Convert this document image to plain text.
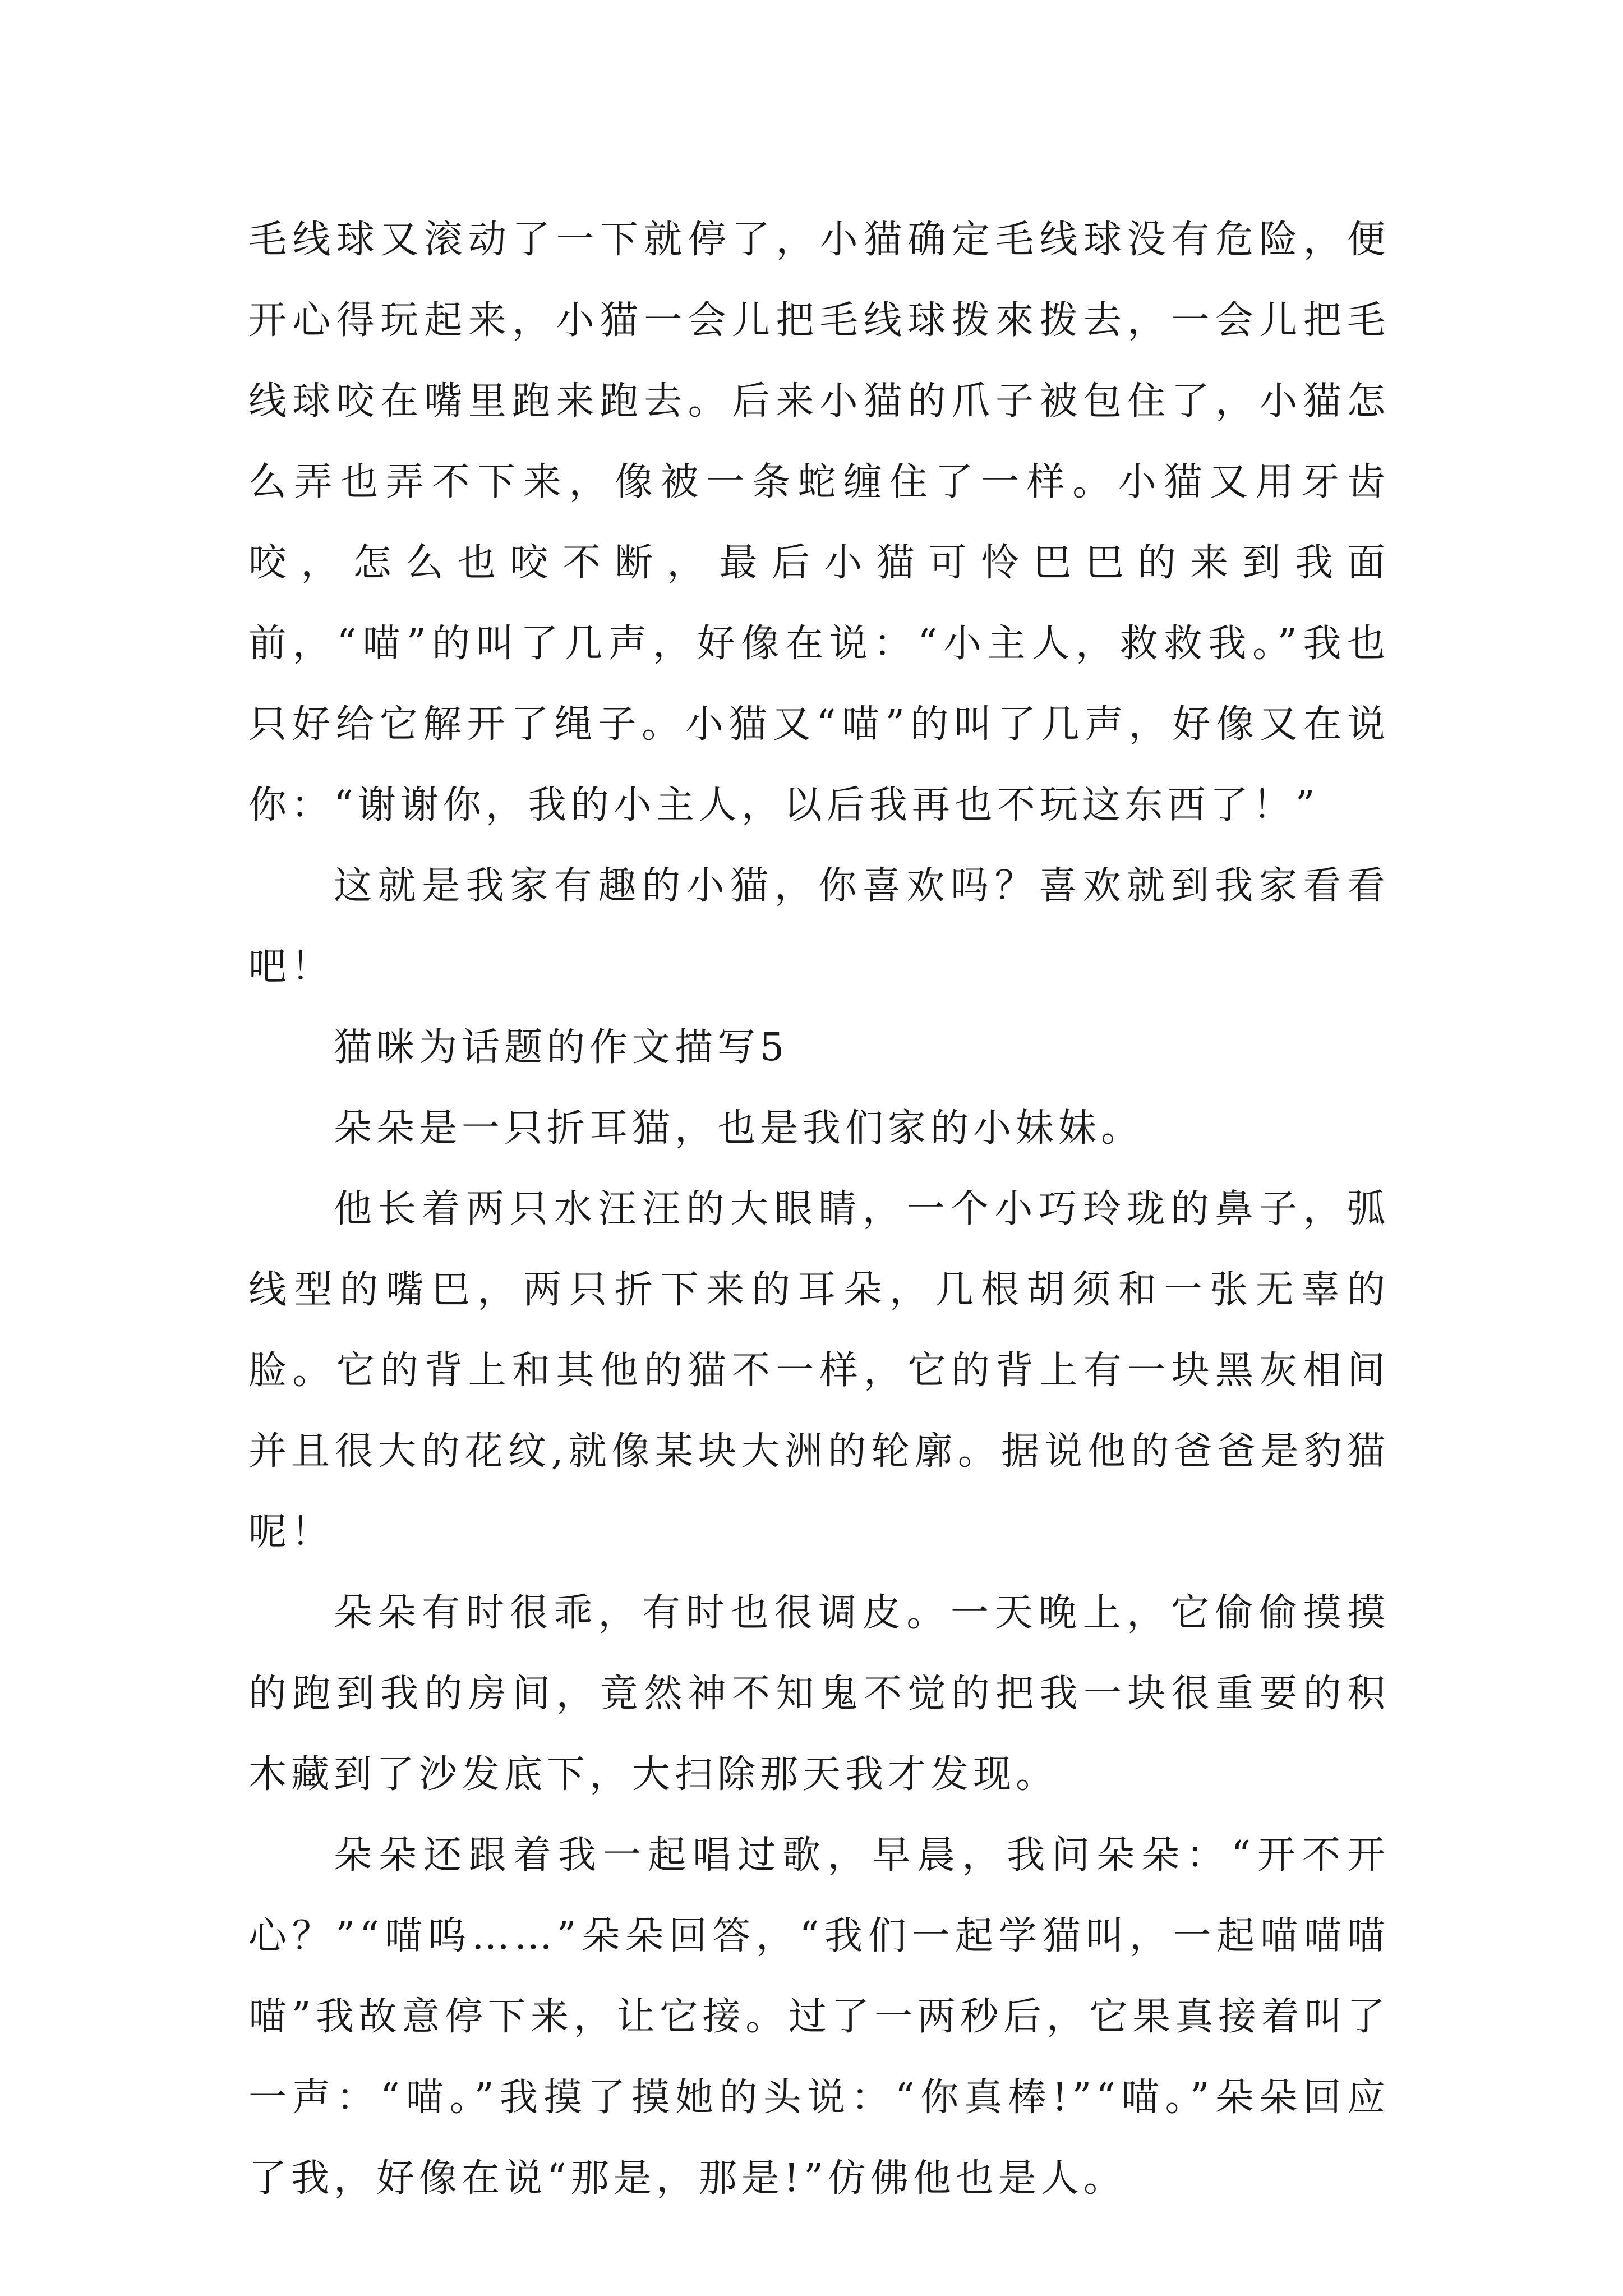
毛线球又滚动了一下就停了，小猫确定毛线球没有危险，便开心得玩起来，小猫一会儿把毛线球拨來拨去，一会儿把毛线球咬在嘴里跑来跑去。后来小猫的爪子被包住了，小猫怎么弄也弄不下来，像被一条蛇缠住了一样。小猫又用牙齿咬，怎么也咬不断，最后小猫可怜巴巴的来到我面前，“喵”的叫了几声，好像在说：“小主人，救救我。”我也只好给它解开了绳子。小猫又“喵”的叫了几声，好像又在说你：“谢谢你，我的小主人，以后我再也不玩这东西了！”

这就是我家有趣的小猫，你喜欢吗？喜欢就到我家看看吧！

猫咪为话题的作文描写5

朵朵是一只折耳猫，也是我们家的小妹妹。

他长着两只水汪汪的大眼睛，一个小巧玲珑的鼻子，弧线型的嘴巴，两只折下来的耳朵，几根胡须和一张无辜的脸。它的背上和其他的猫不一样，它的背上有一块黑灰相间并且很大的花纹,就像某块大洲的轮廓。据说他的爸爸是豹猫呢！

朵朵有时很乖，有时也很调皮。一天晚上，它偷偷摸摸的跑到我的房间，竟然神不知鬼不觉的把我一块很重要的积木藏到了沙发底下，大扫除那天我才发现。

朵朵还跟着我一起唱过歌，早晨，我问朵朵：“开不开心？”“喵呜……”朵朵回答，“我们一起学猫叫，一起喵喵喵喵”我故意停下来，让它接。过了一两秒后，它果真接着叫了一声：“喵。”我摸了摸她的头说：“你真棒!”“喵。”朵朵回应了我，好像在说“那是，那是!”仿佛他也是人。
